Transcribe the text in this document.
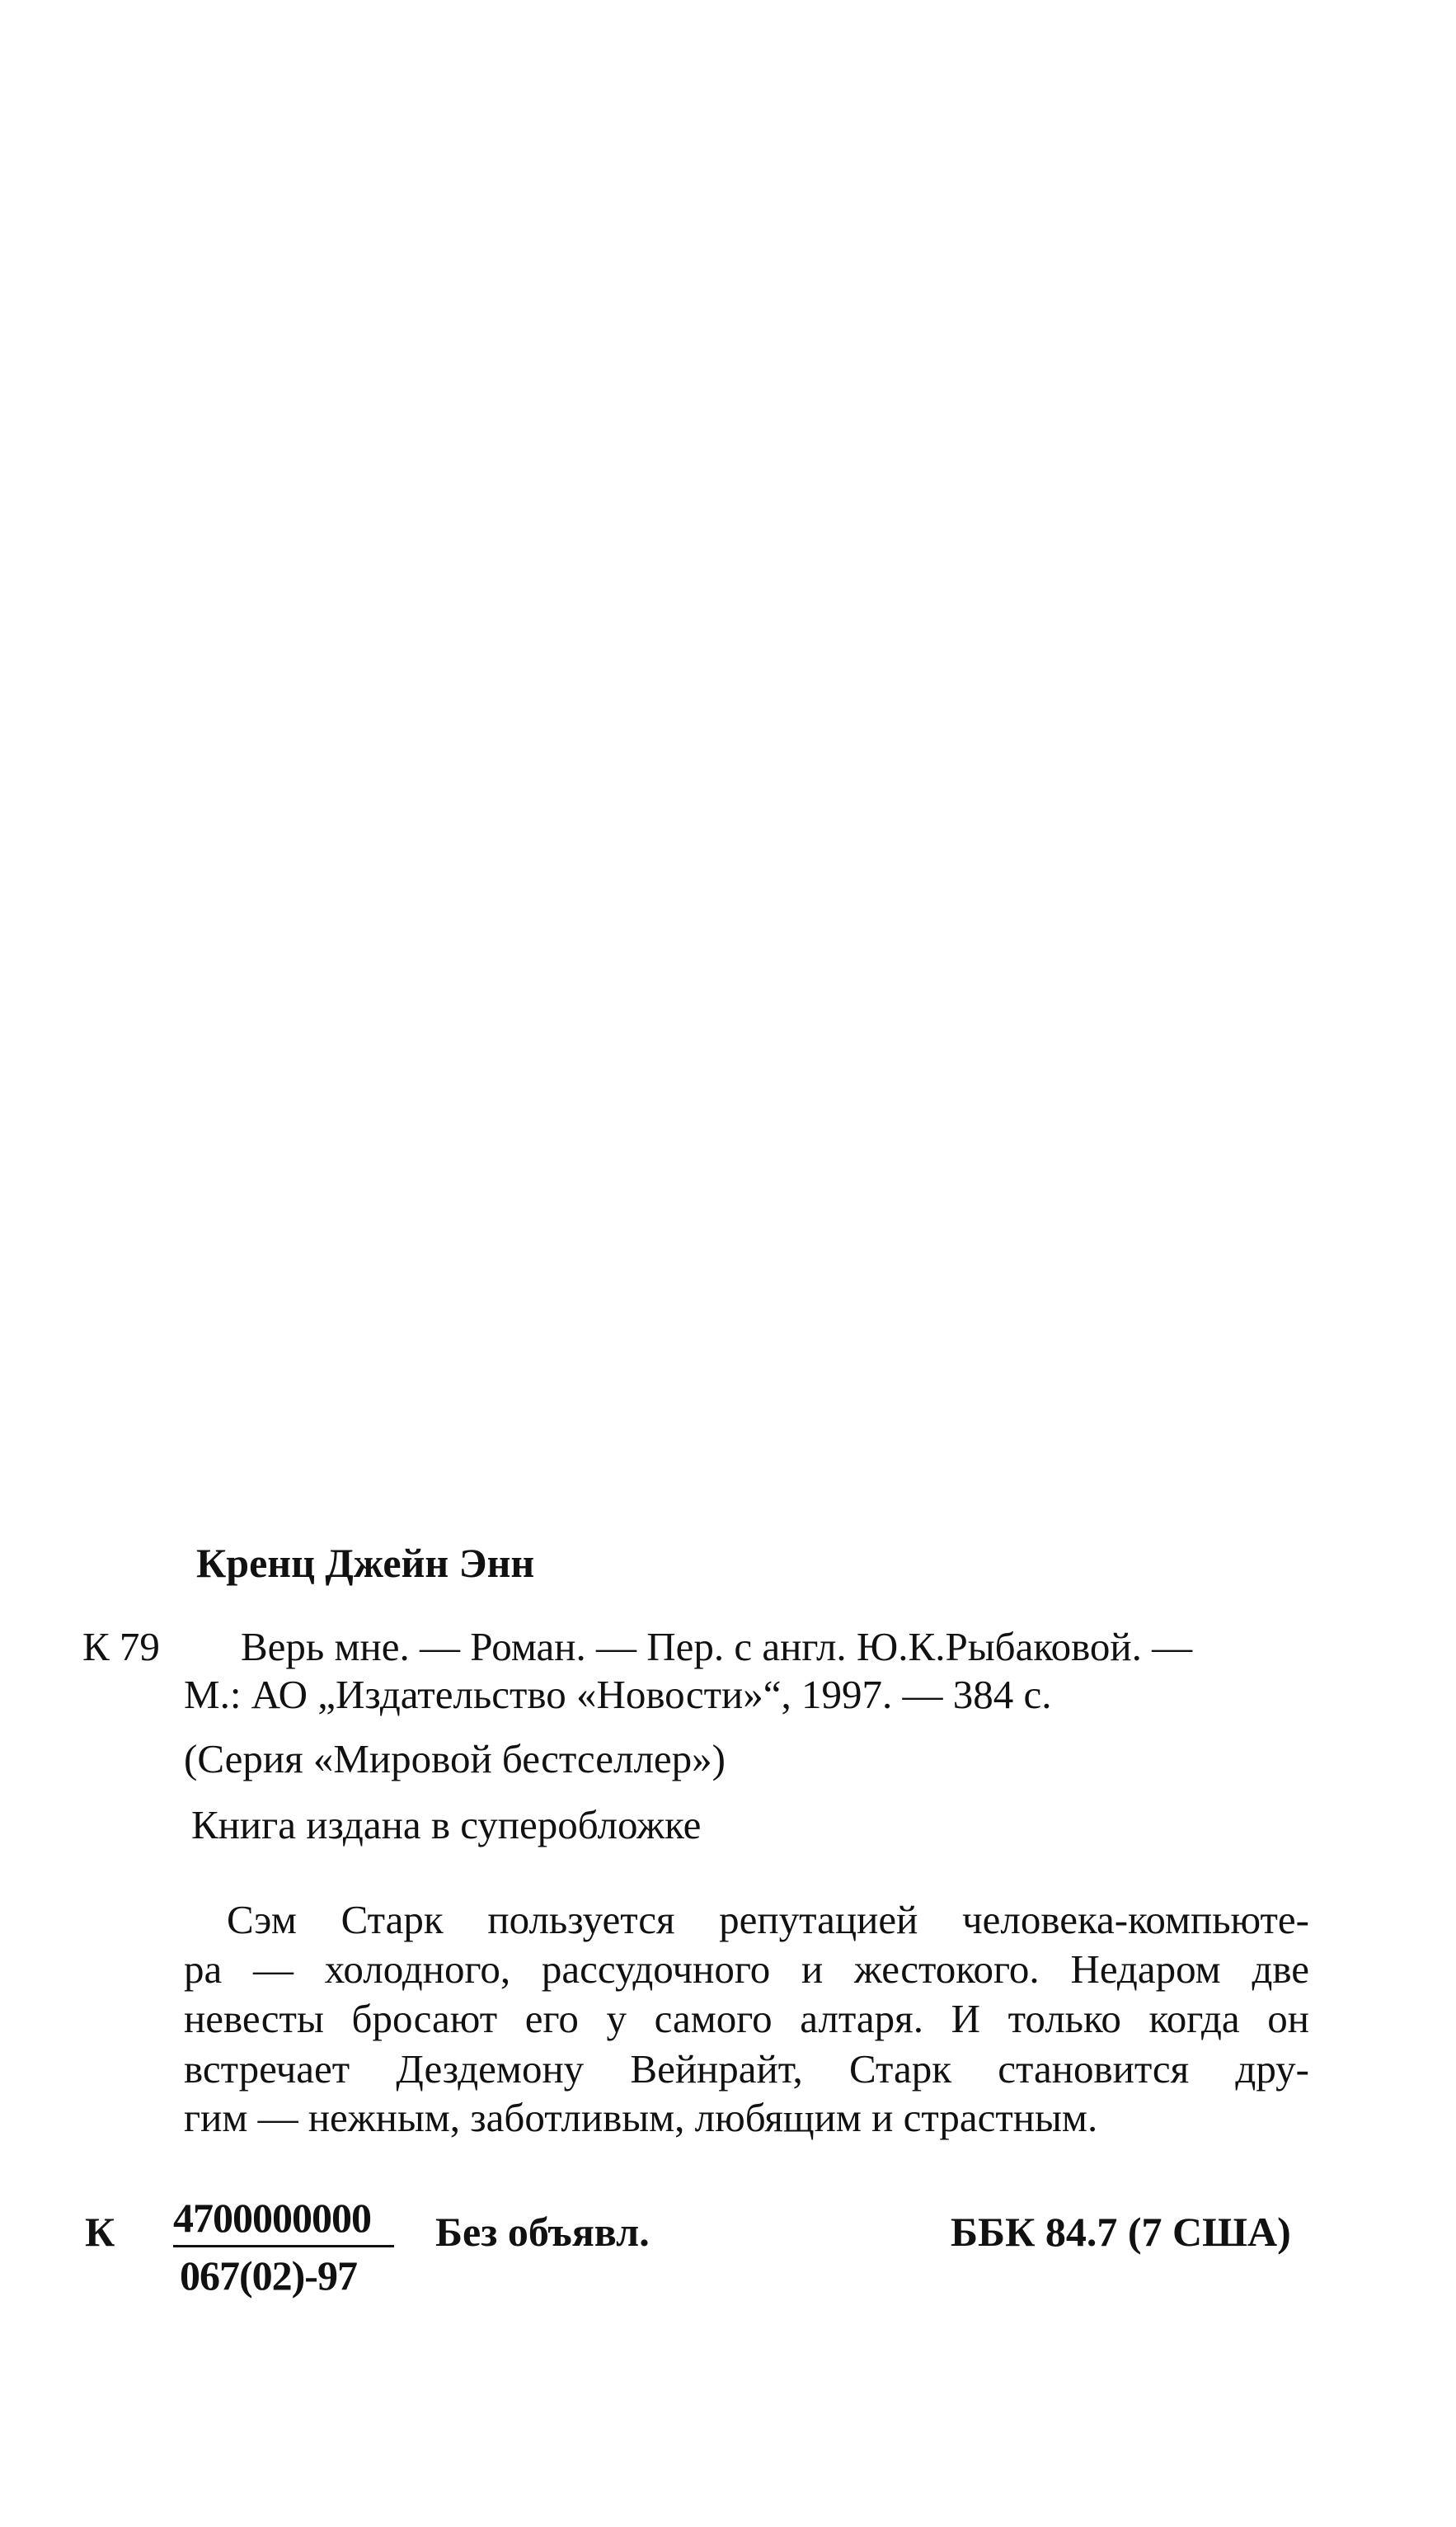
Кренц Джейн Энн
К 79 Верь мне. — Роман. — Пер. с англ. Ю.К.Рыбаковой. —
М.: АО „Издательство «Новости»“, 1997. — 384 с.
(Серия «Мировой бестселлер»)
Книга издана в суперобложке
Сэм Старк пользуется репутацией человека-компьюте-
ра — холодного, рассудочного и жестокого. Недаром две
невесты бросают его у самого алтаря. И только когда он
встречает Дездемону Вейнрайт, Старк становится дру-
гим — нежным, заботливым, любящим и страстным.
К 4700000000
067(02)-97
Без объявл.	ББК 84.7 (7 США)
